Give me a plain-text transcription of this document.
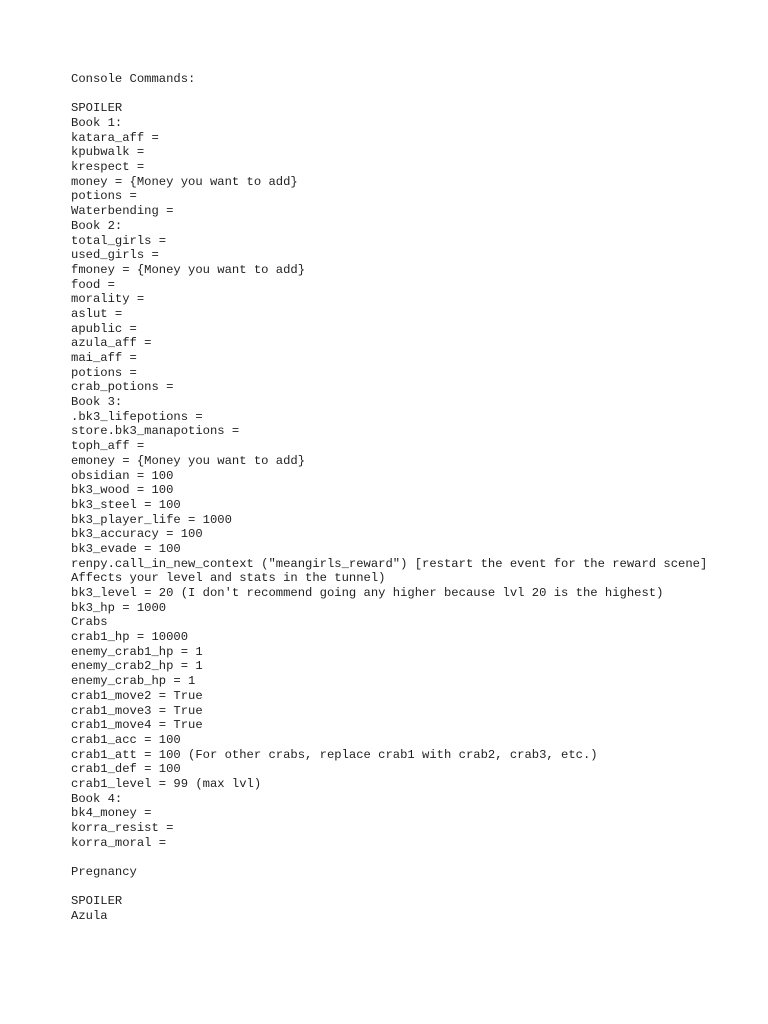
Console Commands:
SPOILER
Book 1:
katara_aff =
kpubwalk =
krespect =
money = {Money you want to add}
potions =
Waterbending =
Book 2:
total_girls =
used_girls =
fmoney = {Money you want to add}
food =
morality =
aslut =
apublic =
azula_aff =
mai_aff =
potions =
crab_potions =
Book 3:
.bk3_lifepotions =
store.bk3_manapotions =
toph_aff =
emoney = {Money you want to add}
obsidian = 100
bk3_wood = 100
bk3_steel = 100
bk3_player_life = 1000
bk3_accuracy = 100
bk3_evade = 100
renpy.call_in_new_context ("meangirls_reward") [restart the event for the reward scene]
Affects your level and stats in the tunnel)
bk3_level = 20 (I don't recommend going any higher because lvl 20 is the highest)
bk3_hp = 1000
Crabs
crab1_hp = 10000
enemy_crab1_hp = 1
enemy_crab2_hp = 1
enemy_crab_hp = 1
crab1_move2 = True
crab1_move3 = True
crab1_move4 = True
crab1_acc = 100
crab1_att = 100 (For other crabs, replace crab1 with crab2, crab3, etc.)
crab1_def = 100
crab1_level = 99 (max lvl)
Book 4:
bk4_money =
korra_resist =
korra_moral =
Pregnancy
SPOILER
Azula
